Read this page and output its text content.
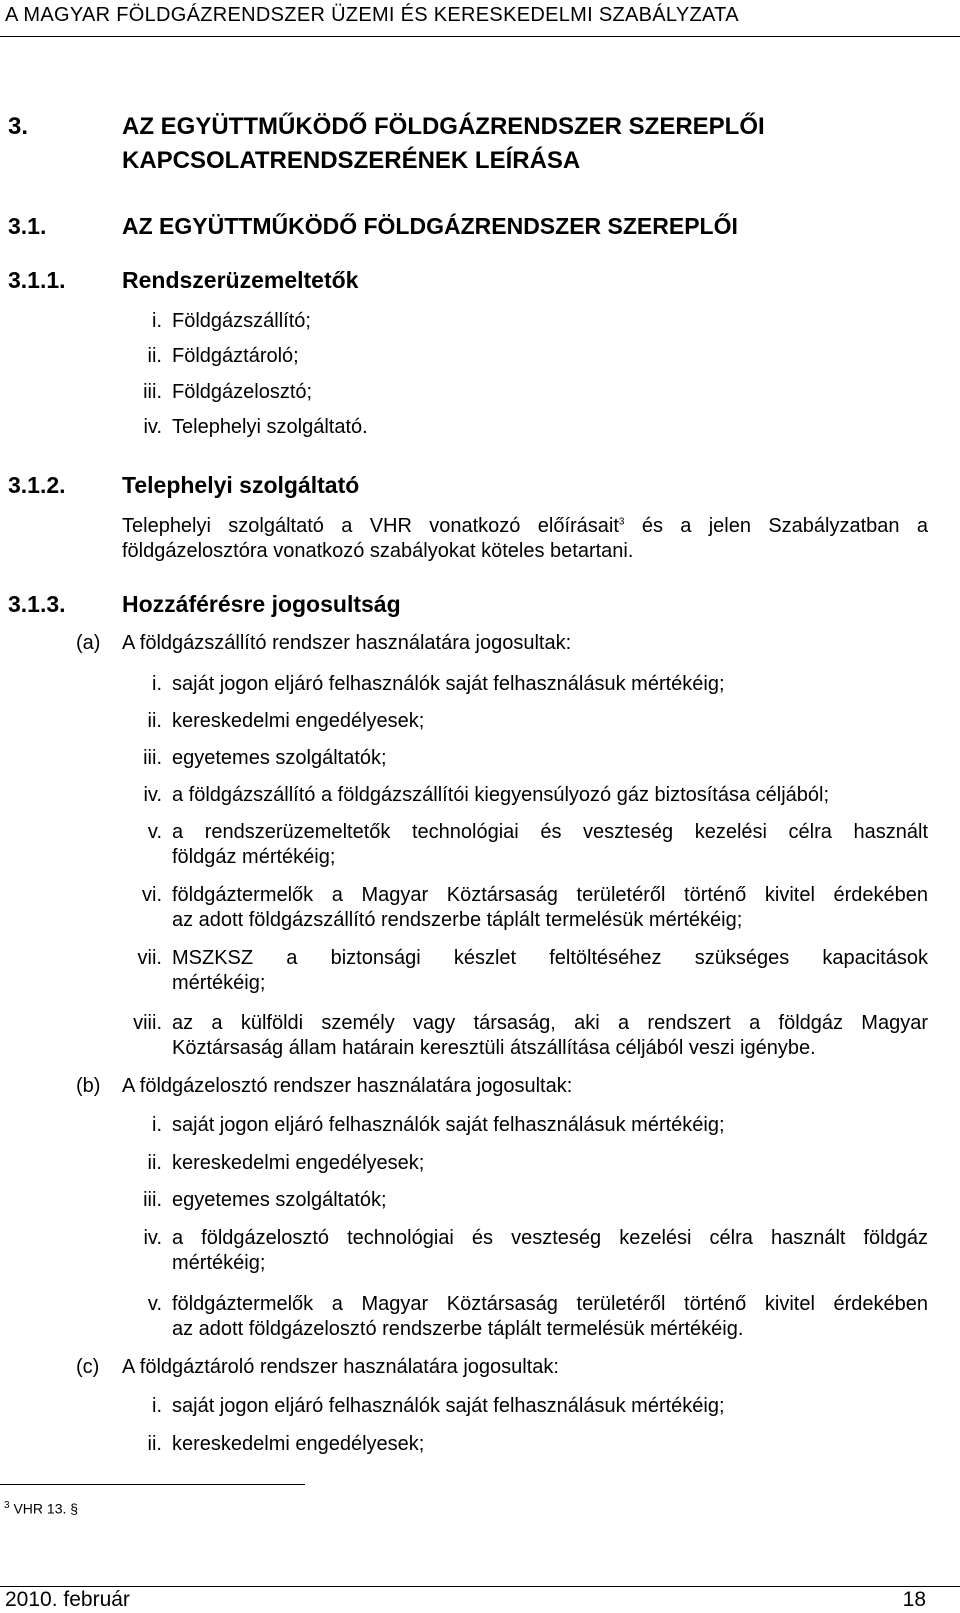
A MAGYAR FÖLDGÁZRENDSZER ÜZEMI ÉS KERESKEDELMI SZABÁLYZATA
3.	AZ EGYÜTTMŰKÖDŐ FÖLDGÁZRENDSZER SZEREPLŐI
KAPCSOLATRENDSZERÉNEK LEÍRÁSA
3.1.	AZ EGYÜTTMŰKÖDŐ FÖLDGÁZRENDSZER SZEREPLŐI
3.1.1. Rendszerüzemeltetők
i. Földgázszállító;
ii. Földgáztároló;
iii. Földgázelosztó;
iv. Telephelyi szolgáltató.
3.1.2. Telephelyi szolgáltató
Telephelyi szolgáltató a VHR vonatkozó előírásait$^3$ és a jelen Szabályzatban a
földgázelosztóra vonatkozó szabályokat köteles betartani.
3.1.3. Hozzáférésre jogosultság
(a) A földgázszállító rendszer használatára jogosultak:
i. saját jogon eljáró felhasználók saját felhasználásuk mértékéig;
ii. kereskedelmi engedélyesek;
iii. egyetemes szolgáltatók;
iv. a földgázszállító a földgázszállítói kiegyensúlyozó gáz biztosítása céljából;
v. a rendszerüzemeltetők technológiai és veszteség kezelési célra használt
földgáz mértékéig;
vi. földgáztermelők a Magyar Köztársaság területéről történő kivitel érdekében
az adott földgázszállító rendszerbe táplált termelésük mértékéig;
vii. MSZKSZ a biztonsági készlet feltöltéséhez szükséges kapacitások
mértékéig;
viii. az a külföldi személy vagy társaság, aki a rendszert a földgáz Magyar
Köztársaság állam határain keresztüli átszállítása céljából veszi igénybe.
(b) A földgázelosztó rendszer használatára jogosultak:
i. saját jogon eljáró felhasználók saját felhasználásuk mértékéig;
ii. kereskedelmi engedélyesek;
iii. egyetemes szolgáltatók;
iv. a földgázelosztó technológiai és veszteség kezelési célra használt földgáz
mértékéig;
v. földgáztermelők a Magyar Köztársaság területéről történő kivitel érdekében
az adott földgázelosztó rendszerbe táplált termelésük mértékéig.
(c) A földgáztároló rendszer használatára jogosultak:
i. saját jogon eljáró felhasználók saját felhasználásuk mértékéig;
ii. kereskedelmi engedélyesek;
$^3$ VHR 13. §
2010. február	18
